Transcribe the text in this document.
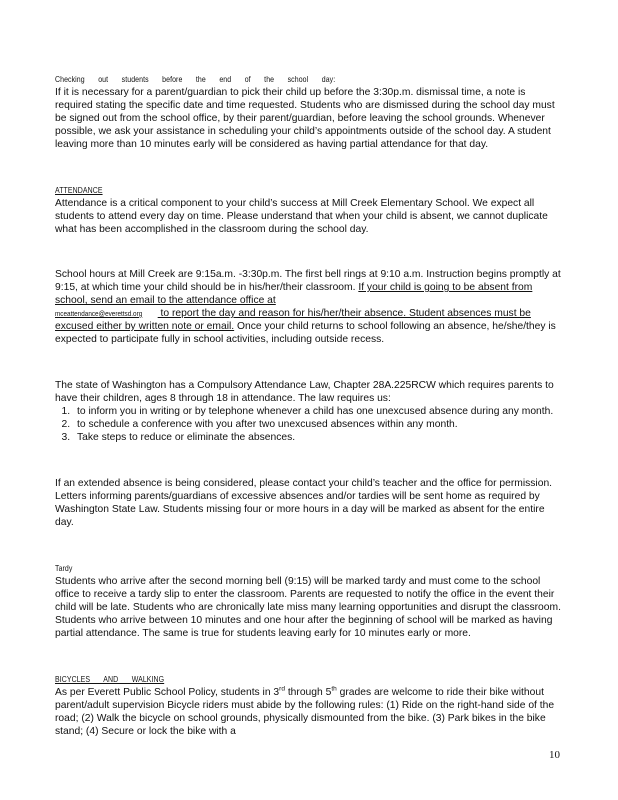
Checking out students before the end of the school day:

If it is necessary for a parent/guardian to pick their child up before the 3:30p.m. dismissal time, a note is required stating the specific date and time requested. Students who are dismissed during the school day must be signed out from the school office, by their parent/guardian, before leaving the school grounds. Whenever possible, we ask your assistance in scheduling your child’s appointments outside of the school day. A student leaving more than 10 minutes early will be considered as having partial attendance for that day.

ATTENDANCE

Attendance is a critical component to your child’s success at Mill Creek Elementary School. We expect all students to attend every day on time. Please understand that when your child is absent, we cannot duplicate what has been accomplished in the classroom during the school day.

School hours at Mill Creek are 9:15a.m. -3:30p.m. The first bell rings at 9:10 a.m. Instruction begins promptly at 9:15, at which time your child should be in his/her/their classroom. If your child is going to be absent from school, send an email to the attendance office at
mceattendance@everettsd.org to report the day and reason for his/her/their absence. Student absences must be excused either by written note or email. Once your child returns to school following an absence, he/she/they is expected to participate fully in school activities, including outside recess.

The state of Washington has a Compulsory Attendance Law, Chapter 28A.225RCW which requires parents to have their children, ages 8 through 18 in attendance. The law requires us:

1. to inform you in writing or by telephone whenever a child has one unexcused absence during any month.
2. to schedule a conference with you after two unexcused absences within any month.
3. Take steps to reduce or eliminate the absences.

If an extended absence is being considered, please contact your child’s teacher and the office for permission.

Letters informing parents/guardians of excessive absences and/or tardies will be sent home as required by Washington State Law. Students missing four or more hours in a day will be marked as absent for the entire day.

Tardy

Students who arrive after the second morning bell (9:15) will be marked tardy and must come to the school office to receive a tardy slip to enter the classroom. Parents are requested to notify the office in the event their child will be late. Students who are chronically late miss many learning opportunities and disrupt the classroom. Students who arrive between 10 minutes and one hour after the beginning of school will be marked as having partial attendance. The same is true for students leaving early for 10 minutes early or more.

BICYCLES AND WALKING

As per Everett Public School Policy, students in 3rd through 5th grades are welcome to ride their bike without parent/adult supervision Bicycle riders must abide by the following rules: (1) Ride on the right-hand side of the road; (2) Walk the bicycle on school grounds, physically dismounted from the bike. (3) Park bikes in the bike stand; (4) Secure or lock the bike with a

10
